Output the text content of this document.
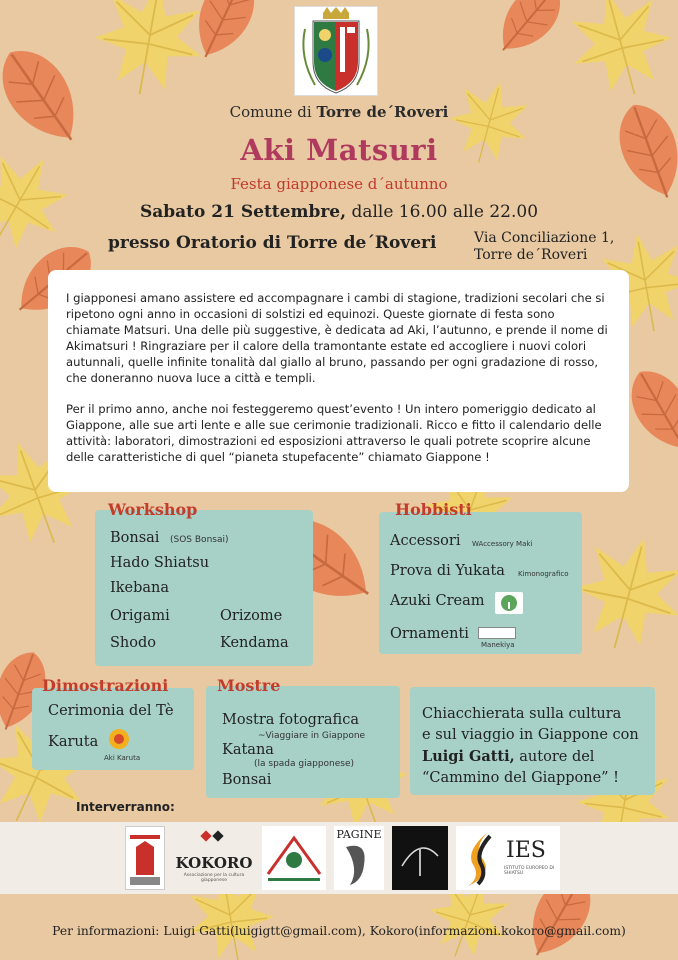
Comune di Torre de´Roveri
Aki Matsuri
Festa giapponese d´autunno
Sabato 21 Settembre, dalle 16.00 alle 22.00
presso Oratorio di Torre de´Roveri	Via Conciliazione 1,
Torre de´Roveri

I giapponesi amano assistere ed accompagnare i cambi di stagione, tradizioni secolari che si ripetono ogni anno in occasioni di solstizi ed equinozi. Queste giornate di festa sono chiamate Matsuri. Una delle più suggestive, è dedicata ad Aki, l’autunno, e prende il nome di Akimatsuri ! Ringraziare per il calore della tramontante estate ed accogliere i nuovi colori autunnali, quelle infinite tonalità dal giallo al bruno, passando per ogni gradazione di rosso, che doneranno nuova luce a città e templi.

Per il primo anno, anche noi festeggeremo quest’evento ! Un intero pomeriggio dedicato al Giappone, alle sue arti lente e alle sue cerimonie tradizionali. Ricco e fitto il calendario delle attività: laboratori, dimostrazioni ed esposizioni attraverso le quali potrete scoprire alcune delle caratteristiche di quel “pianeta stupefacente” chiamato Giappone !

Workshop
Bonsai (SOS Bonsai)
Hado Shiatsu
Ikebana
Origami
Shodo
Orizome
Kendama
Hobbisti
Accessori WAccessory Maki
Prova di Yukata Kimonografico
Azuki Cream
Ornamenti
Manekiya
Dimostrazioni
Cerimonia del Tè
Karuta
Aki Karuta
Mostre
Mostra fotografica
~Viaggiare in Giappone
Katana
(la spada giapponese)
Bonsai
Chiacchierata sulla cultura
e sul viaggio in Giappone con
Luigi Gatti, autore del
“Cammino del Giappone” !
Interverranno:
KOKORO
Associazione per la cultura giapponese
PAGINE
IES
ISTITUTO EUROPEO DI SHIATSU
Per informazioni: Luigi Gatti(luigigtt@gmail.com), Kokoro(informazioni.kokoro@gmail.com)
